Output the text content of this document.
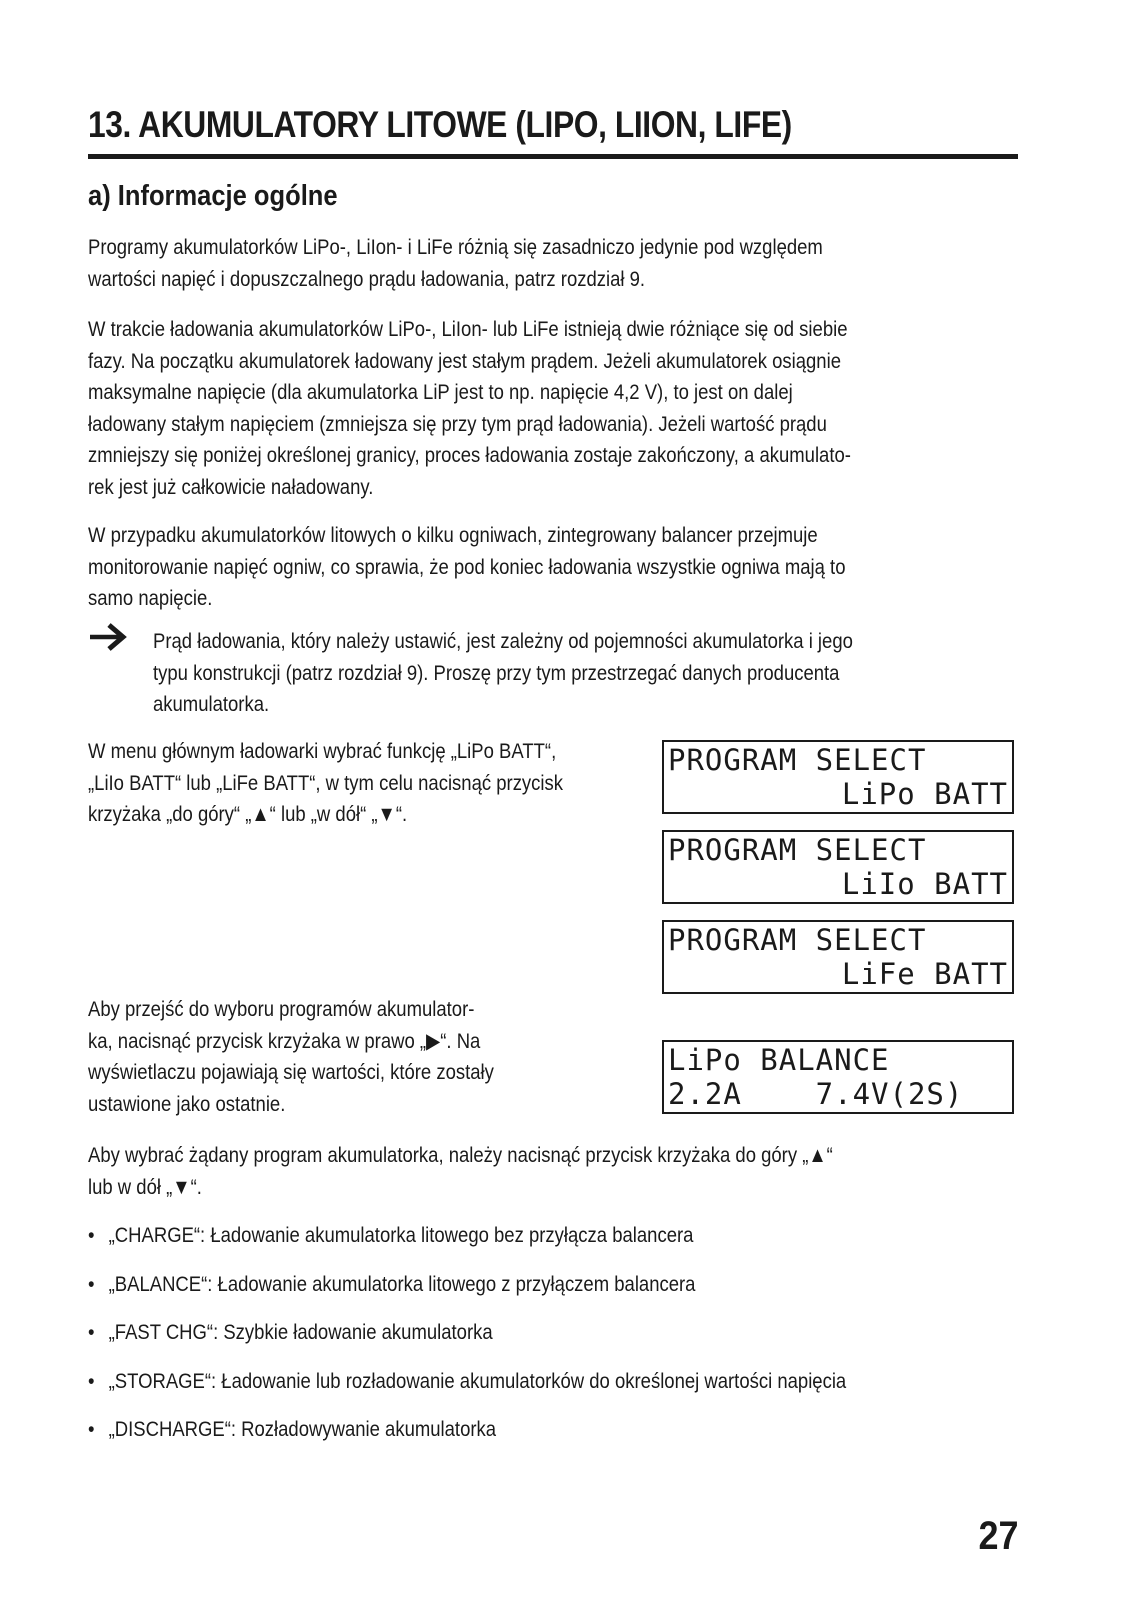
13. AKUMULATORY LITOWE (LIPO, LIION, LIFE)
a) Informacje ogólne
Programy akumulatorków LiPo-, LiIon- i LiFe różnią się zasadniczo jedynie pod względem
wartości napięć i dopuszczalnego prądu ładowania, patrz rozdział 9.
W trakcie ładowania akumulatorków LiPo-, LiIon- lub LiFe istnieją dwie różniące się od siebie
fazy. Na początku akumulatorek ładowany jest stałym prądem. Jeżeli akumulatorek osiągnie
maksymalne napięcie (dla akumulatorka LiP jest to np. napięcie 4,2 V), to jest on dalej
ładowany stałym napięciem (zmniejsza się przy tym prąd ładowania). Jeżeli wartość prądu
zmniejszy się poniżej określonej granicy, proces ładowania zostaje zakończony, a akumulato-
rek jest już całkowicie naładowany.
W przypadku akumulatorków litowych o kilku ogniwach, zintegrowany balancer przejmuje
monitorowanie napięć ogniw, co sprawia, że pod koniec ładowania wszystkie ogniwa mają to
samo napięcie.
Prąd ładowania, który należy ustawić, jest zależny od pojemności akumulatorka i jego
typu konstrukcji (patrz rozdział 9). Proszę przy tym przestrzegać danych producenta
akumulatorka.
W menu głównym ładowarki wybrać funkcję „LiPo BATT“,
„LiIo BATT“ lub „LiFe BATT“, w tym celu nacisnąć przycisk
krzyżaka „do góry“ „▲“ lub „w dół“ „▼“.
PROGRAM SELECT
LiPo BATT
PROGRAM SELECT
LiIo BATT
PROGRAM SELECT
LiFe BATT
Aby przejść do wyboru programów akumulator-
ka, nacisnąć przycisk krzyżaka w prawo „▶“. Na
wyświetlaczu pojawiają się wartości, które zostały
ustawione jako ostatnie.
LiPo BALANCE
2.2A    7.4V(2S)
Aby wybrać żądany program akumulatorka, należy nacisnąć przycisk krzyżaka do góry „▲“
lub w dół „▼“.
• „CHARGE“: Ładowanie akumulatorka litowego bez przyłącza balancera
• „BALANCE“: Ładowanie akumulatorka litowego z przyłączem balancera
• „FAST CHG“: Szybkie ładowanie akumulatorka
• „STORAGE“: Ładowanie lub rozładowanie akumulatorków do określonej wartości napięcia
• „DISCHARGE“: Rozładowywanie akumulatorka
27
